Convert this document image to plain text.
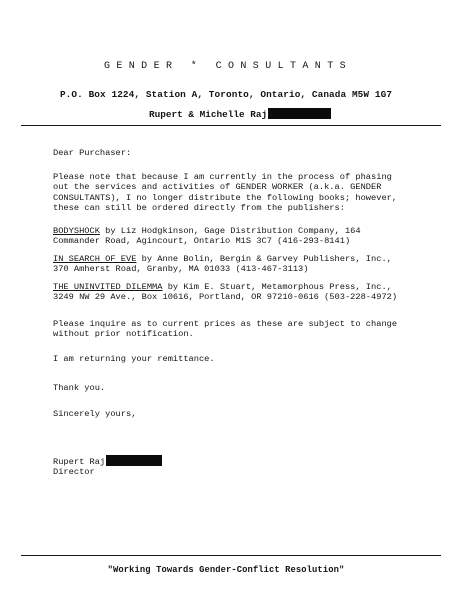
GENDER * CONSULTANTS
P.O. Box 1224, Station A, Toronto, Ontario, Canada M5W 1G7
Rupert & Michelle Raj
Dear Purchaser:
Please note that because I am currently in the process of phasing
out the services and activities of GENDER WORKER (a.k.a. GENDER
CONSULTANTS), I no longer distribute the following books; however,
these can still be ordered directly from the publishers:
BODYSHOCK by Liz Hodgkinson, Gage Distribution Company, 164
Commander Road, Agincourt, Ontario M1S 3C7 (416-293-8141)
IN SEARCH OF EVE by Anne Bolin, Bergin & Garvey Publishers, Inc.,
370 Amherst Road, Granby, MA 01033 (413-467-3113)
THE UNINVITED DILEMMA by Kim E. Stuart, Metamorphous Press, Inc.,
3249 NW 29 Ave., Box 10616, Portland, OR 97210-0616 (503-228-4972)
Please inquire as to current prices as these are subject to change
without prior notification.
I am returning your remittance.
Thank you.
Sincerely yours,
Rupert Raj
Director
"Working Towards Gender-Conflict Resolution"
